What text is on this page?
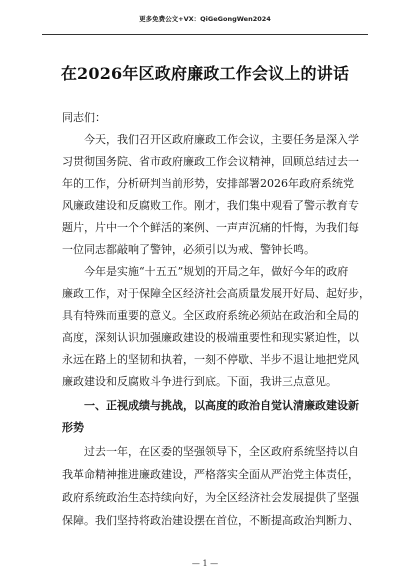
更多免费公文+VX：QiGeGongWen2024
在2026年区政府廉政工作会议上的讲话
同志们：
今天，我们召开区政府廉政工作会议，主要任务是深入学
习贯彻国务院、省市政府廉政工作会议精神，回顾总结过去一
年的工作，分析研判当前形势，安排部署2026年政府系统党
风廉政建设和反腐败工作。刚才，我们集中观看了警示教育专
题片，片中一个个鲜活的案例、一声声沉痛的忏悔，为我们每
一位同志都敲响了警钟，必须引以为戒、警钟长鸣。
今年是实施“十五五”规划的开局之年，做好今年的政府
廉政工作，对于保障全区经济社会高质量发展开好局、起好步，
具有特殊而重要的意义。全区政府系统必须站在政治和全局的
高度，深刻认识加强廉政建设的极端重要性和现实紧迫性，以
永远在路上的坚韧和执着，一刻不停歇、半步不退让地把党风
廉政建设和反腐败斗争进行到底。下面，我讲三点意见。
一、正视成绩与挑战，以高度的政治自觉认清廉政建设新
形势
过去一年，在区委的坚强领导下，全区政府系统坚持以自
我革命精神推进廉政建设，严格落实全面从严治党主体责任，
政府系统政治生态持续向好，为全区经济社会发展提供了坚强
保障。我们坚持将政治建设摆在首位，不断提高政治判断力、
— 1 —
